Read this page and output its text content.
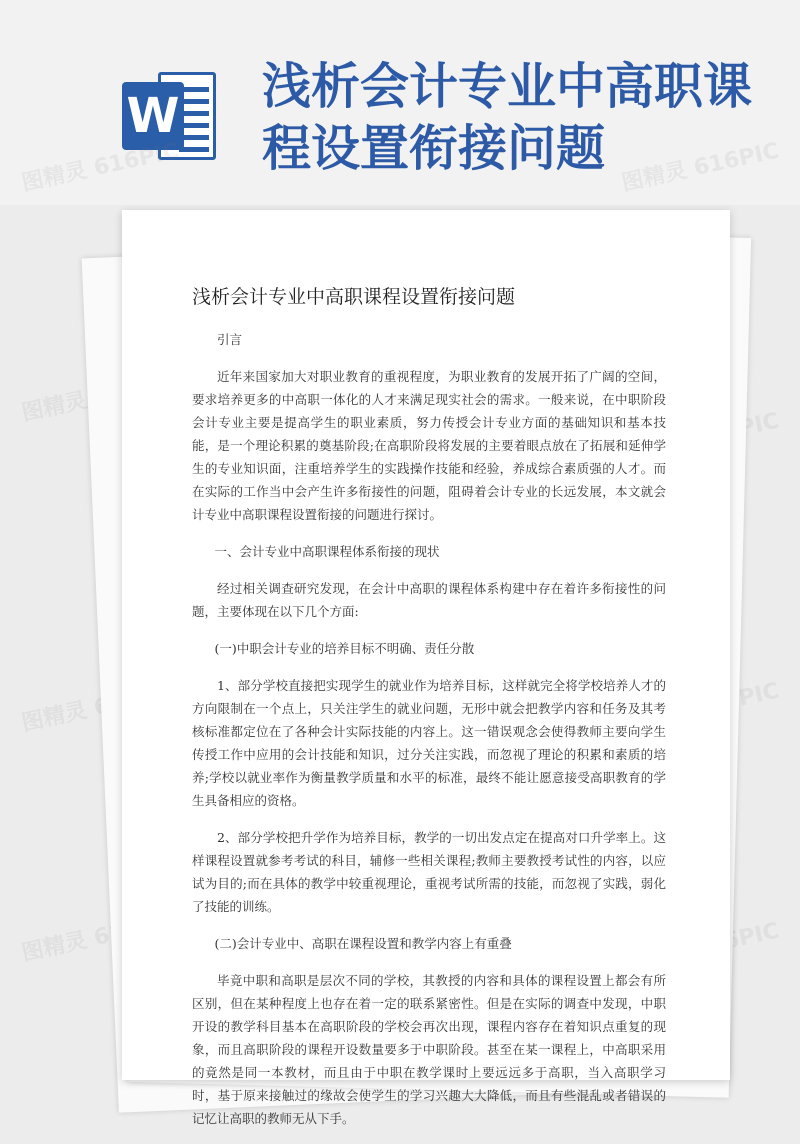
W
浅析会计专业中高职课程设置衔接问题
图精灵
图精灵
图精灵 616PIC	616PIC
浅析会计专业中高职课程设置衔接问题

引言

近年来国家加大对职业教育的重视程度，为职业教育的发展开拓了广阔的空间，要求培养更多的中高职一体化的人才来满足现实社会的需求。一般来说，在中职阶段会计专业主要是提高学生的职业素质，努力传授会计专业方面的基础知识和基本技能，是一个理论积累的奠基阶段;在高职阶段将发展的主要着眼点放在了拓展和延伸学生的专业知识面，注重培养学生的实践操作技能和经验，养成综合素质强的人才。而在实际的工作当中会产生许多衔接性的问题，阻碍着会计专业的长远发展，本文就会计专业中高职课程设置衔接的问题进行探讨。

一、会计专业中高职课程体系衔接的现状

经过相关调查研究发现，在会计中高职的课程体系构建中存在着许多衔接性的问题，主要体现在以下几个方面:

(一)中职会计专业的培养目标不明确、责任分散

1、部分学校直接把实现学生的就业作为培养目标，这样就完全将学校培养人才的方向限制在一个点上，只关注学生的就业问题，无形中就会把教学内容和任务及其考核标准都定位在了各种会计实际技能的内容上。这一错误观念会使得教师主要向学生传授工作中应用的会计技能和知识，过分关注实践，而忽视了理论的积累和素质的培养;学校以就业率作为衡量教学质量和水平的标准，最终不能让愿意接受高职教育的学生具备相应的资格。

2、部分学校把升学作为培养目标，教学的一切出发点定在提高对口升学率上。这样课程设置就参考考试的科目，辅修一些相关课程;教师主要教授考试性的内容，以应试为目的;而在具体的教学中较重视理论，重视考试所需的技能，而忽视了实践，弱化了技能的训练。

(二)会计专业中、高职在课程设置和教学内容上有重叠

毕竟中职和高职是层次不同的学校，其教授的内容和具体的课程设置上都会有所区别，但在某种程度上也存在着一定的联系紧密性。但是在实际的调查中发现，中职开设的教学科目基本在高职阶段的学校会再次出现，课程内容存在着知识点重复的现象，而且高职阶段的课程开设数量要多于中职阶段。甚至在某一课程上，中高职采用的竟然是同一本教材，而且由于中职在教学课时上要远远多于高职，当入高职学习时，基于原来接触过的缘故会使学生的学习兴趣大大降低，而且有些混乱或者错误的记忆让高职的教师无从下手。
